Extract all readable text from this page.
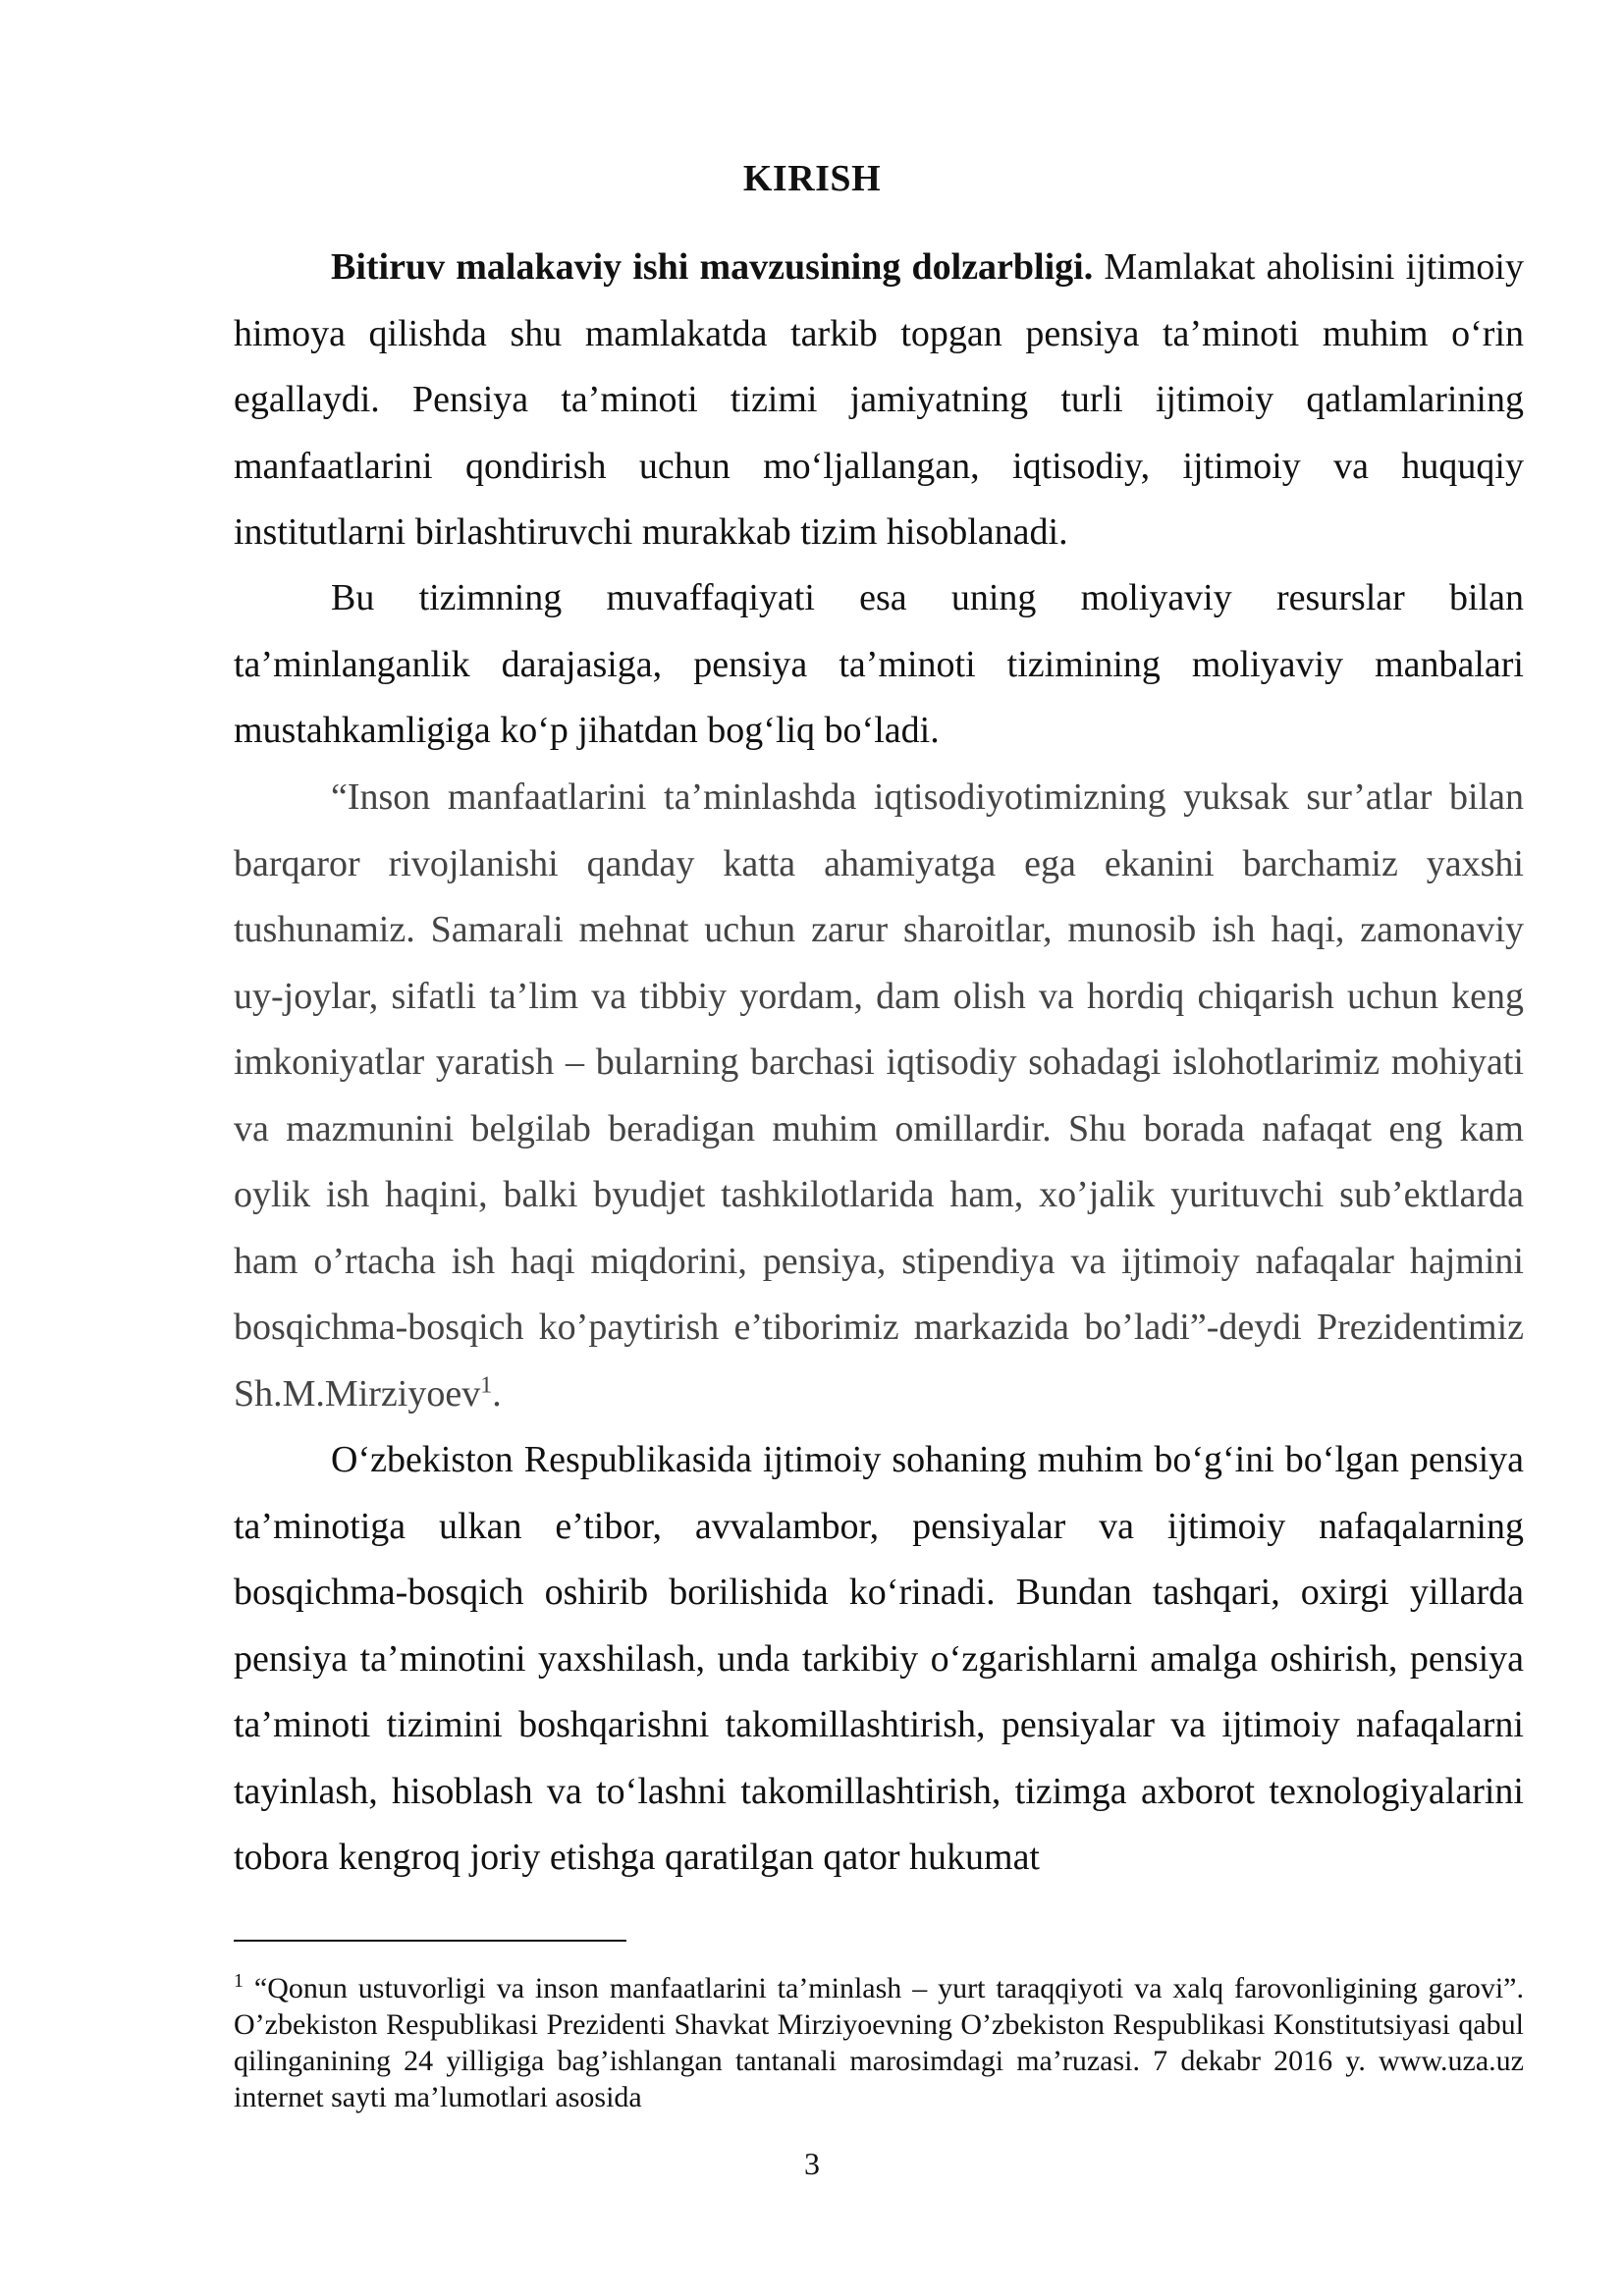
KIRISH

Bitiruv malakaviy ishi mavzusining dolzarbligi. Mamlakat aholisini ijtimoiy himoya qilishda shu mamlakatda tarkib topgan pensiya ta’minoti muhim o‘rin egallaydi. Pensiya ta’minoti tizimi jamiyatning turli ijtimoiy qatlamlarining manfaatlarini qondirish uchun mo‘ljallangan, iqtisodiy, ijtimoiy va huquqiy institutlarni birlashtiruvchi murakkab tizim hisoblanadi.

Bu tizimning muvaffaqiyati esa uning moliyaviy resurslar bilan ta’minlanganlik darajasiga, pensiya ta’minoti tizimining moliyaviy manbalari mustahkamligiga ko‘p jihatdan bog‘liq bo‘ladi.

“Inson manfaatlarini ta’minlashda iqtisodiyotimizning yuksak sur’atlar bilan barqaror rivojlanishi qanday katta ahamiyatga ega ekanini barchamiz yaxshi tushunamiz. Samarali mehnat uchun zarur sharoitlar, munosib ish haqi, zamonaviy uy-joylar, sifatli ta’lim va tibbiy yordam, dam olish va hordiq chiqarish uchun keng imkoniyatlar yaratish – bularning barchasi iqtisodiy sohadagi islohotlarimiz mohiyati va mazmunini belgilab beradigan muhim omillardir. Shu borada nafaqat eng kam oylik ish haqini, balki byudjet tashkilotlarida ham, xo’jalik yurituvchi sub’ektlarda ham o’rtacha ish haqi miqdorini, pensiya, stipendiya va ijtimoiy nafaqalar hajmini bosqichma-bosqich ko’paytirish e’tiborimiz markazida bo’ladi”-deydi Prezidentimiz Sh.M.Mirziyoev$^1$.

O‘zbekiston Respublikasida ijtimoiy sohaning muhim bo‘g‘ini bo‘lgan pensiya ta’minotiga ulkan e’tibor, avvalambor, pensiyalar va ijtimoiy nafaqalarning bosqichma-bosqich oshirib borilishida ko‘rinadi. Bundan tashqari, oxirgi yillarda pensiya ta’minotini yaxshilash, unda tarkibiy o‘zgarishlarni amalga oshirish, pensiya ta’minoti tizimini boshqarishni takomillashtirish, pensiyalar va ijtimoiy nafaqalarni tayinlash, hisoblash va to‘lashni takomillashtirish, tizimga axborot texnologiyalarini tobora kengroq joriy etishga qaratilgan qator hukumat

$^1$ “Qonun ustuvorligi va inson manfaatlarini ta’minlash – yurt taraqqiyoti va xalq farovonligining garovi”. O’zbekiston Respublikasi Prezidenti Shavkat Mirziyoevning O’zbekiston Respublikasi Konstitutsiyasi qabul qilinganining 24 yilligiga bag’ishlangan tantanali marosimdagi ma’ruzasi. 7 dekabr 2016 y. www.uza.uz internet sayti ma’lumotlari asosida
3
